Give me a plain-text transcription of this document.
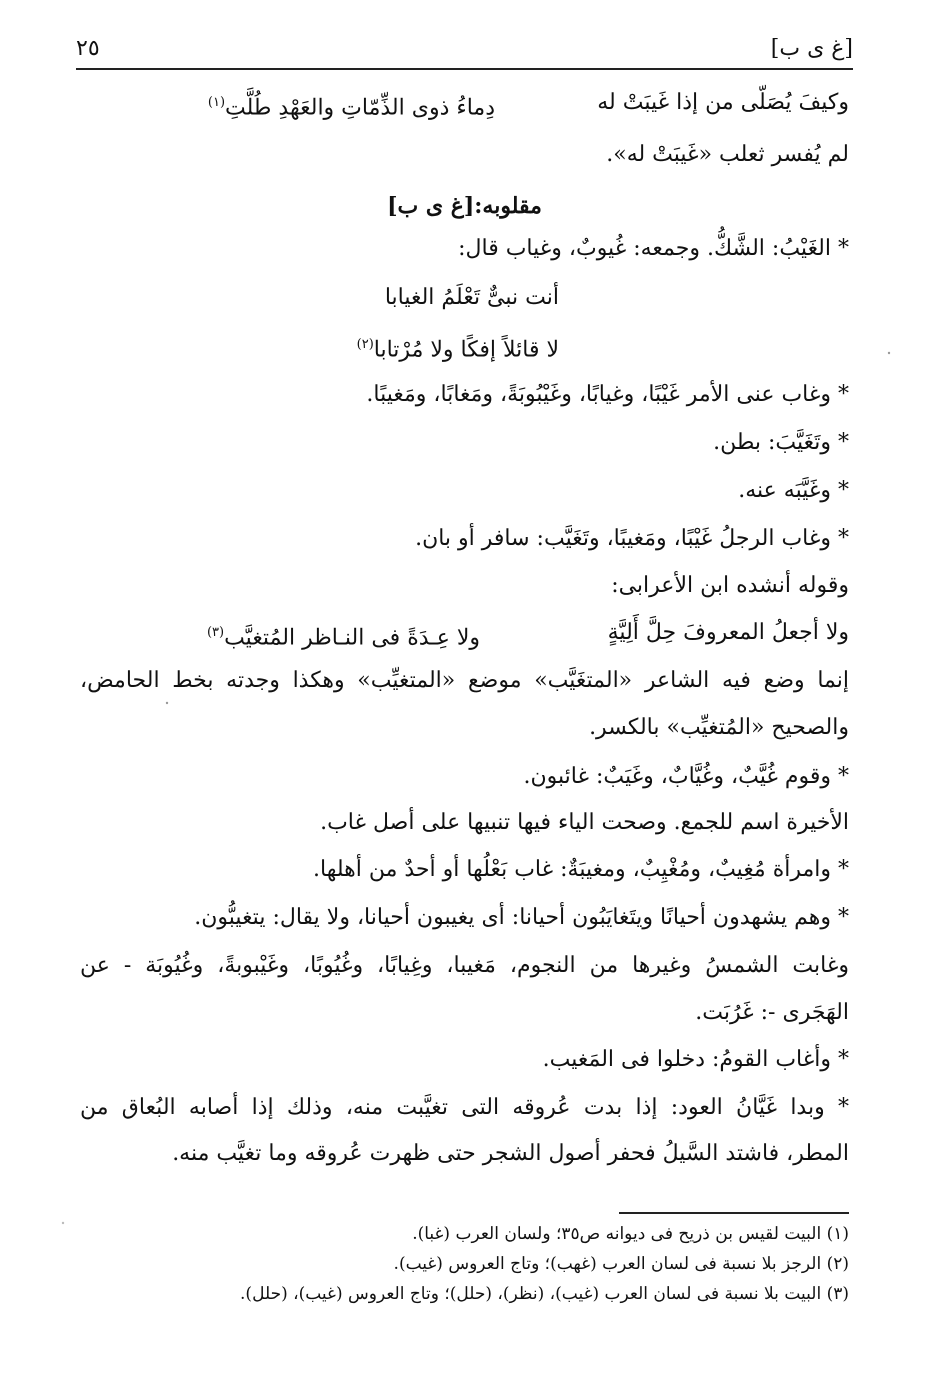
[غ ى ب]
٢٥
وكيفَ يُصَلّى من إذا غَيبَتْ له
دِماءُ ذوى الذِّمّاتِ والعَهْدِ طُلَّتِ$^{(١)}$
لم يُفسر ثعلب «غَيبَتْ له».
مقلوبه:[غ ى ب]
* الغَيْبُ: الشَّكُّ. وجمعه: غُيوبٌ، وغياب قال:
أنت نبىٌّ تَعْلَمُ الغيابا
لا قائلاً إفكًا ولا مُرْتابا$^{(٢)}$
* وغاب عنى الأمر غَيْبًا، وغيابًا، وغَيْبُوبَةً، ومَغابًا، ومَغيبًا.
* وتَغَيَّبَ: بطن.
* وغَيَّبَه عنه.
* وغاب الرجلُ غَيْبًا، ومَغيبًا، وتَغَيَّب: سافر أو بان.
وقوله أنشده ابن الأعرابى:
ولا أجعلُ المعروفَ حِلَّ أَلِيَّةٍ
ولا عِـدَةً فى النـاظر المُتغيَّب$^{(٣)}$
إنما وضع فيه الشاعر «المتغَيَّب» موضع «المتغيِّب» وهكذا وجدته بخط الحامض،
والصحيح «المُتغيِّب» بالكسر.
* وقوم غُيَّبٌ، وغُيَّابٌ، وغَيَبٌ: غائبون.
الأخيرة اسم للجمع. وصحت الياء فيها تنبيها على أصل غاب.
* وامرأة مُغِيبٌ، ومُغْيِبٌ، ومغيبَةٌ: غاب بَعْلُها أو أحدٌ من أهلها.
* وهم يشهدون أحيانًا ويتَغايَبُون أحيانا: أى يغيبون أحيانا، ولا يقال: يتغيبُّون.
وغابت الشمسُ وغيرها من النجوم، مَغيبا، وغِيابًا، وغُيُوبًا، وغَيْبوبةً، وغُيُوبَة - عن
الهَجَرى -: غَرُبَت.
* وأغاب القومُ: دخلوا فى المَغيب.
* وبدا غَيَّانُ العود: إذا بدت عُروقه التى تغيَّبت منه، وذلك إذا أصابه البُعاق من
المطر، فاشتد السَّيلُ فحفر أصول الشجر حتى ظهرت عُروقه وما تغيَّب منه.
(١) البيت لقيس بن ذريح فى ديوانه ص٣٥؛ ولسان العرب (غبا).
(٢) الرجز بلا نسبة فى لسان العرب (غهب)؛ وتاج العروس (غيب).
(٣) البيت بلا نسبة فى لسان العرب (غيب)، (نظر)، (حلل)؛ وتاج العروس (غيب)، (حلل).
